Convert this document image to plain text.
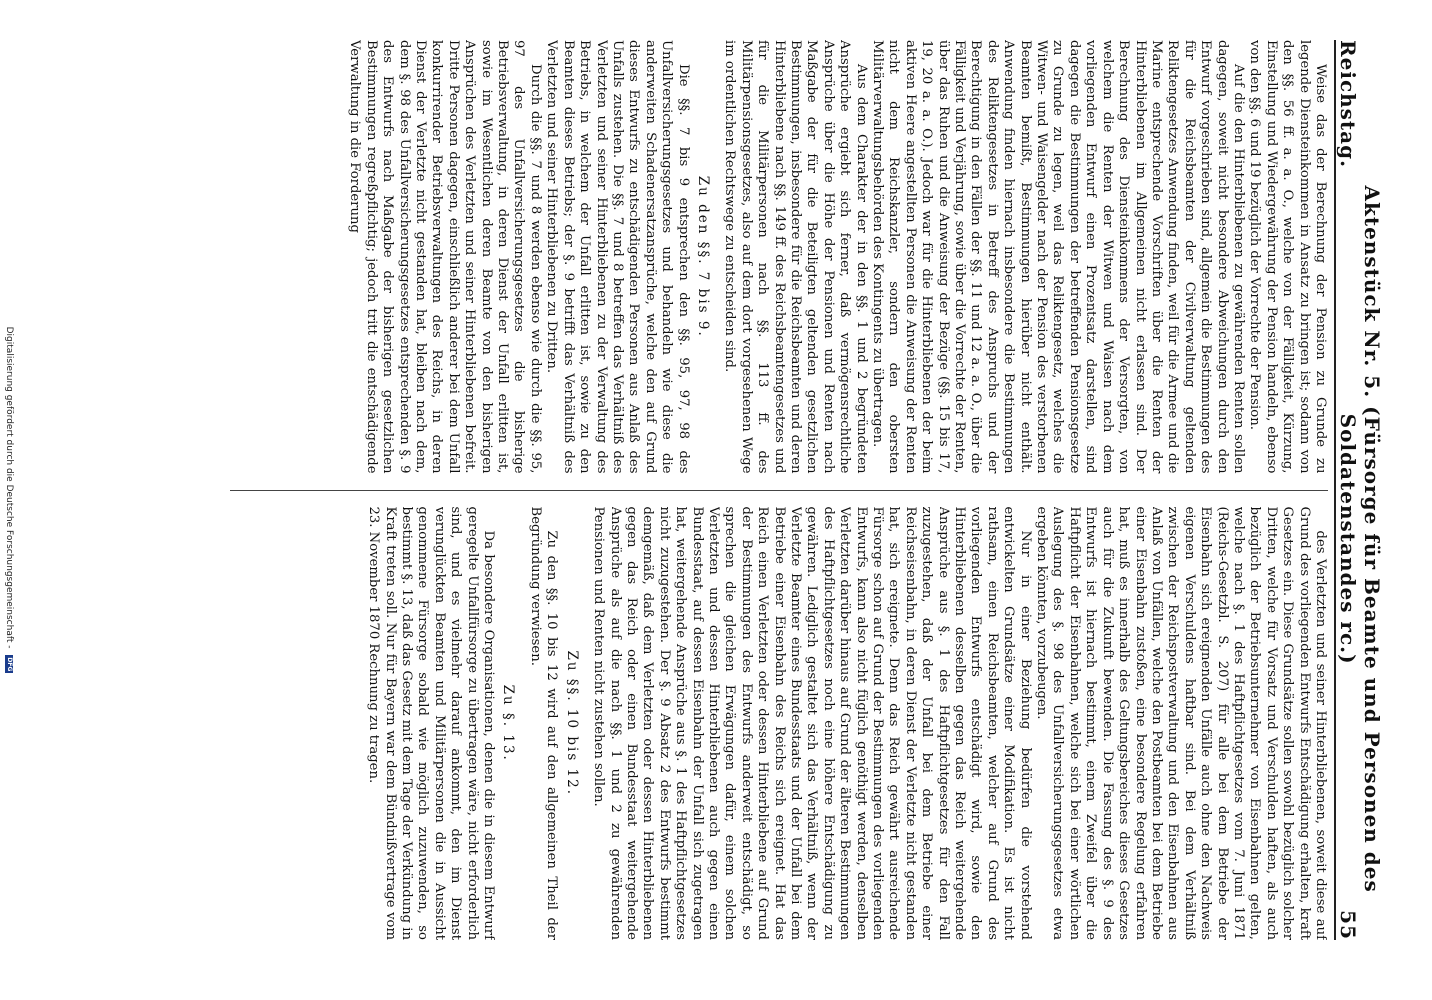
Reichstag.
Aktenstück Nr. 5. (Fürsorge für Beamte und Personen des Soldatenstandes rc.)
55

Weise das der Berechnung der Pension zu Grunde zu legende Diensteinkommen in Ansatz zu bringen ist; sodann von den §§. 56 ff. a. a. O., welche von der Fälligkeit, Kürzung, Einstellung und Wiedergewährung der Pension handeln, ebenso von den §§. 6 und 19 bezüglich der Vorrechte der Pension.

Auf die den Hinterbliebenen zu gewährenden Renten sollen dagegen, soweit nicht besondere Abweichungen durch den Entwurf vorgeschrieben sind, allgemein die Bestimmungen des für die Reichsbeamten der Civilverwaltung geltenden Reliktengesetzes Anwendung finden, weil für die Armee und die Marine entsprechende Vorschriften über die Renten der Hinterbliebenen im Allgemeinen nicht erlassen sind. Der Berechnung des Diensteinkommens der Versorgten, von welchem die Renten der Witwen und Waisen nach dem vorliegenden Entwurf einen Prozentsatz darstellen, sind dagegen die Bestimmungen der betreffenden Pensionsgesetze zu Grunde zu legen, weil das Reliktengesetz, welches die Witwen- und Waisengelder nach der Pension des verstorbenen Beamten bemißt, Bestimmungen hierüber nicht enthält. Anwendung finden hiernach insbesondere die Bestimmungen des Reliktengesetzes in Betreff des Anspruchs und der Berechtigung in den Fällen der §§. 11 und 12 a. a. O., über die Fälligkeit und Verjährung, sowie über die Vorrechte der Renten, über das Ruhen und die Anweisung der Bezüge (§§. 15 bis 17, 19, 20 a. a. O.). Jedoch war für die Hinterbliebenen der beim aktiven Heere angestellten Personen die Anweisung der Renten nicht dem Reichskanzler, sondern den obersten Militärverwaltungsbehörden des Kontingents zu übertragen.

Aus dem Charakter der in den §§. 1 und 2 begründeten Ansprüche ergiebt sich ferner, daß vermögensrechtliche Ansprüche über die Höhe der Pensionen und Renten nach Maßgabe der für die Beteiligten geltenden gesetzlichen Bestimmungen, insbesondere für die Reichsbeamten und deren Hinterbliebene nach §§. 149 ff. des Reichsbeamtengesetzes und für die Militärpersonen nach §§. 113 ff. des Militärpensionsgesetzes, also auf dem dort vorgesehenen Wege im ordentlichen Rechtswege zu entscheiden sind.

Zu den §§. 7 bis 9.

Die §§. 7 bis 9 entsprechen den §§. 95, 97, 98 des Unfallversicherungsgesetzes und behandeln wie diese die anderweiten Schadenersatzansprüche, welche den auf Grund dieses Entwurfs zu entschädigenden Personen aus Anlaß des Unfalls zustehen. Die §§. 7 und 8 betreffen das Verhältniß des Verletzten und seiner Hinterbliebenen zu der Verwaltung des Betriebs, in welchem der Unfall erlitten ist, sowie zu den Beamten dieses Betriebs; der §. 9 betrifft das Verhältniß des Verletzten und seiner Hinterbliebenen zu Dritten.

Durch die §§. 7 und 8 werden ebenso wie durch die §§. 95, 97 des Unfallversicherungsgesetzes die bisherige Betriebsverwaltung, in deren Dienst der Unfall erlitten ist, sowie im Wesentlichen deren Beamte von den bisherigen Ansprüchen des Verletzten und seiner Hinterbliebenen befreit. Dritte Personen dagegen, einschließlich anderer bei dem Unfall konkurrirender Betriebsverwaltungen des Reichs, in deren Dienst der Verletzte nicht gestanden hat, bleiben nach dem, dem §. 98 des Unfallversicherungsgesetzes entsprechenden §. 9 des Entwurfs nach Maßgabe der bisherigen gesetzlichen Bestimmungen regreßpflichtig; jedoch tritt die entschädigende Verwaltung in die Forderung

des Verletzten und seiner Hinterbliebenen, soweit diese auf Grund des vorliegenden Entwurfs Entschädigung erhalten, kraft Gesetzes ein. Diese Grundsätze sollen sowohl bezüglich solcher Dritten, welche für Vorsatz und Verschulden haften, als auch bezüglich der Betriebsunternehmer von Eisenbahnen gelten, welche nach §. 1 des Haftpflichtgesetzes vom 7. Juni 1871 (Reichs-Gesetzbl. S. 207) für alle bei dem Betriebe der Eisenbahn sich ereignenden Unfälle auch ohne den Nachweis eigenen Verschuldens haftbar sind. Bei dem Verhältniß zwischen der Reichspostverwaltung und den Eisenbahnen aus Anlaß von Unfällen, welche den Postbeamten bei dem Betriebe einer Eisenbahn zustoßen, eine besondere Regelung erfahren hat, muß es innerhalb des Geltungsbereiches dieses Gesetzes auch für die Zukunft bewenden. Die Fassung des §. 9 des Entwurfs ist hiernach bestimmt, einem Zweifel über die Haftpflicht der Eisenbahnen, welche sich bei einer wörtlichen Auslegung des §. 98 des Unfallversicherungsgesetzes etwa ergeben könnten, vorzubeugen.

Nur in einer Beziehung bedürfen die vorstehend entwickelten Grundsätze einer Modifikation. Es ist nicht rathsam, einen Reichsbeamten, welcher auf Grund des vorliegenden Entwurfs entschädigt wird, sowie den Hinterbliebenen desselben gegen das Reich weitergehende Ansprüche aus §. 1 des Haftpflichtgesetzes für den Fall zuzugestehen, daß der Unfall bei dem Betriebe einer Reichseisenbahn, in deren Dienst der Verletzte nicht gestanden hat, sich ereignete. Denn das Reich gewährt ausreichende Fürsorge schon auf Grund der Bestimmungen des vorliegenden Entwurfs, kann also nicht füglich genöthigt werden, denselben Verletzten darüber hinaus auf Grund der älteren Bestimmungen des Haftpflichtgesetzes noch eine höhere Entschädigung zu gewähren. Lediglich gestaltet sich das Verhältniß, wenn der Verletzte Beamter eines Bundesstaats und der Unfall bei dem Betriebe einer Eisenbahn des Reichs sich ereignet. Hat das Reich einen Verletzten oder dessen Hinterbliebene auf Grund der Bestimmungen des Entwurfs anderweit entschädigt, so sprechen die gleichen Erwägungen dafür, einem solchen Verletzten und dessen Hinterbliebenen auch gegen einen Bundesstaat, auf dessen Eisenbahn der Unfall sich zugetragen hat, weitergehende Ansprüche aus §. 1 des Haftpflichtgesetzes nicht zuzugestehen. Der §. 9 Absatz 2 des Entwurfs bestimmt demgemäß, daß dem Verletzten oder dessen Hinterbliebenen gegen das Reich oder einen Bundesstaat weitergehende Ansprüche als auf die nach §§. 1 und 2 zu gewährenden Pensionen und Renten nicht zustehen sollen.

Zu §§. 10 bis 12.

Zu den §§. 10 bis 12 wird auf den allgemeinen Theil der Begründung verwiesen.

Zu §. 13.

Da besondere Organisationen, denen die in diesem Entwurf geregelte Unfallfürsorge zu übertragen wäre, nicht erforderlich sind, und es vielmehr darauf ankommt, den im Dienst verunglückten Beamten und Militärpersonen die in Aussicht genommene Fürsorge sobald wie möglich zuzuwenden, so bestimmt §. 13, daß das Gesetz mit dem Tage der Verkündung in Kraft treten soll. Nur für Bayern war dem Bündnißvertrage vom 23. November 1870 Rechnung zu tragen.

Digitalisierung gefördert durch die Deutsche Forschungsgemeinschaft - DFG
